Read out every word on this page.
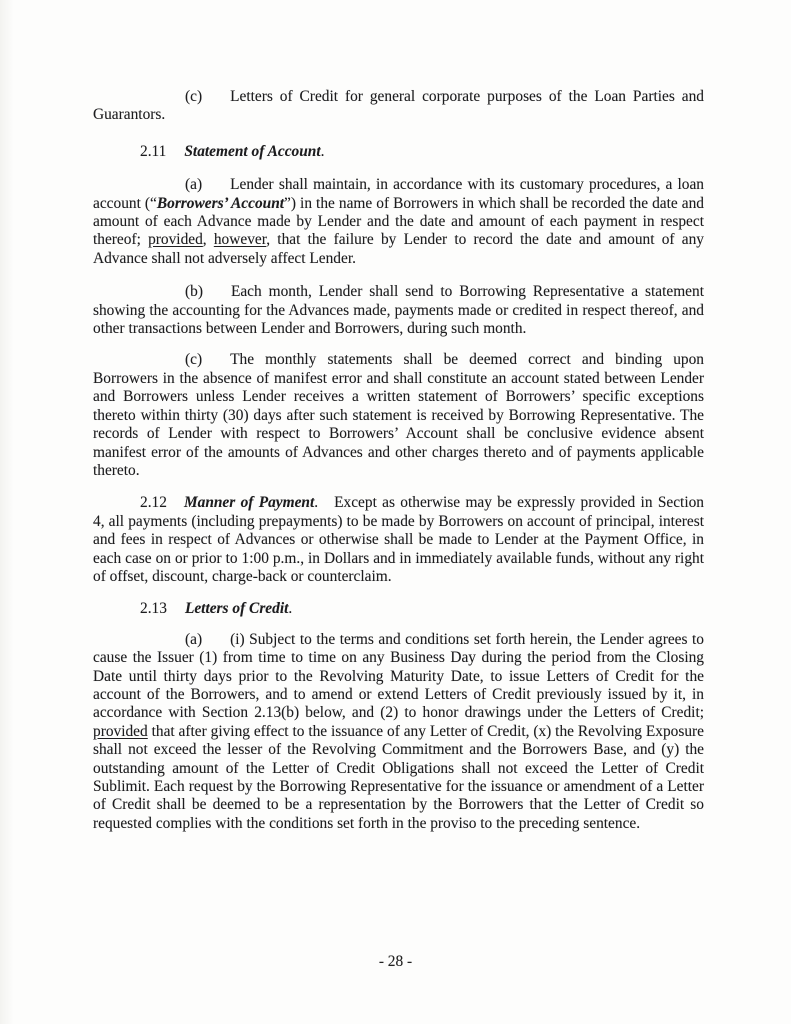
(c) Letters of Credit for general corporate purposes of the Loan Parties and Guarantors.

2.11 Statement of Account.

(a) Lender shall maintain, in accordance with its customary procedures, a loan account (“Borrowers’ Account”) in the name of Borrowers in which shall be recorded the date and amount of each Advance made by Lender and the date and amount of each payment in respect thereof; provided, however, that the failure by Lender to record the date and amount of any Advance shall not adversely affect Lender.

(b) Each month, Lender shall send to Borrowing Representative a statement showing the accounting for the Advances made, payments made or credited in respect thereof, and other transactions between Lender and Borrowers, during such month.

(c) The monthly statements shall be deemed correct and binding upon Borrowers in the absence of manifest error and shall constitute an account stated between Lender and Borrowers unless Lender receives a written statement of Borrowers’ specific exceptions thereto within thirty (30) days after such statement is received by Borrowing Representative. The records of Lender with respect to Borrowers’ Account shall be conclusive evidence absent manifest error of the amounts of Advances and other charges thereto and of payments applicable thereto.

2.12 Manner of Payment. Except as otherwise may be expressly provided in Section 4, all payments (including prepayments) to be made by Borrowers on account of principal, interest and fees in respect of Advances or otherwise shall be made to Lender at the Payment Office, in each case on or prior to 1:00 p.m., in Dollars and in immediately available funds, without any right of offset, discount, charge-back or counterclaim.

2.13 Letters of Credit.

(a) (i) Subject to the terms and conditions set forth herein, the Lender agrees to cause the Issuer (1) from time to time on any Business Day during the period from the Closing Date until thirty days prior to the Revolving Maturity Date, to issue Letters of Credit for the account of the Borrowers, and to amend or extend Letters of Credit previously issued by it, in accordance with Section 2.13(b) below, and (2) to honor drawings under the Letters of Credit; provided that after giving effect to the issuance of any Letter of Credit, (x) the Revolving Exposure shall not exceed the lesser of the Revolving Commitment and the Borrowers Base, and (y) the outstanding amount of the Letter of Credit Obligations shall not exceed the Letter of Credit Sublimit. Each request by the Borrowing Representative for the issuance or amendment of a Letter of Credit shall be deemed to be a representation by the Borrowers that the Letter of Credit so requested complies with the conditions set forth in the proviso to the preceding sentence.

- 28 -
